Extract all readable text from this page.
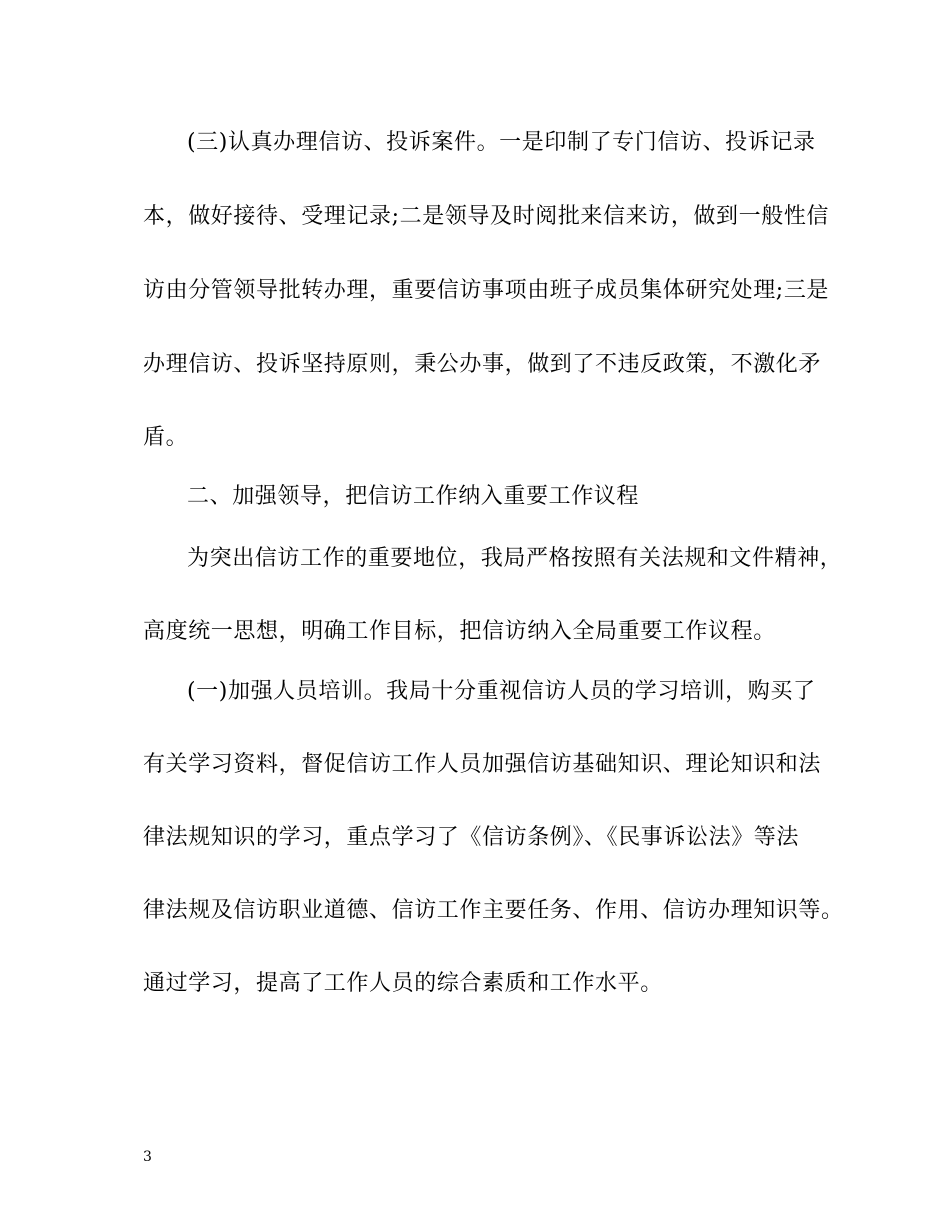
(三)认真办理信访、投诉案件。一是印制了专门信访、投诉记录
本，做好接待、受理记录;二是领导及时阅批来信来访，做到一般性信
访由分管领导批转办理，重要信访事项由班子成员集体研究处理;三是
办理信访、投诉坚持原则，秉公办事，做到了不违反政策，不激化矛
盾。
二、加强领导，把信访工作纳入重要工作议程
为突出信访工作的重要地位，我局严格按照有关法规和文件精神，
高度统一思想，明确工作目标，把信访纳入全局重要工作议程。
(一)加强人员培训。我局十分重视信访人员的学习培训，购买了
有关学习资料，督促信访工作人员加强信访基础知识、理论知识和法
律法规知识的学习，重点学习了《信访条例》、《民事诉讼法》等法
律法规及信访职业道德、信访工作主要任务、作用、信访办理知识等。
通过学习，提高了工作人员的综合素质和工作水平。
3
